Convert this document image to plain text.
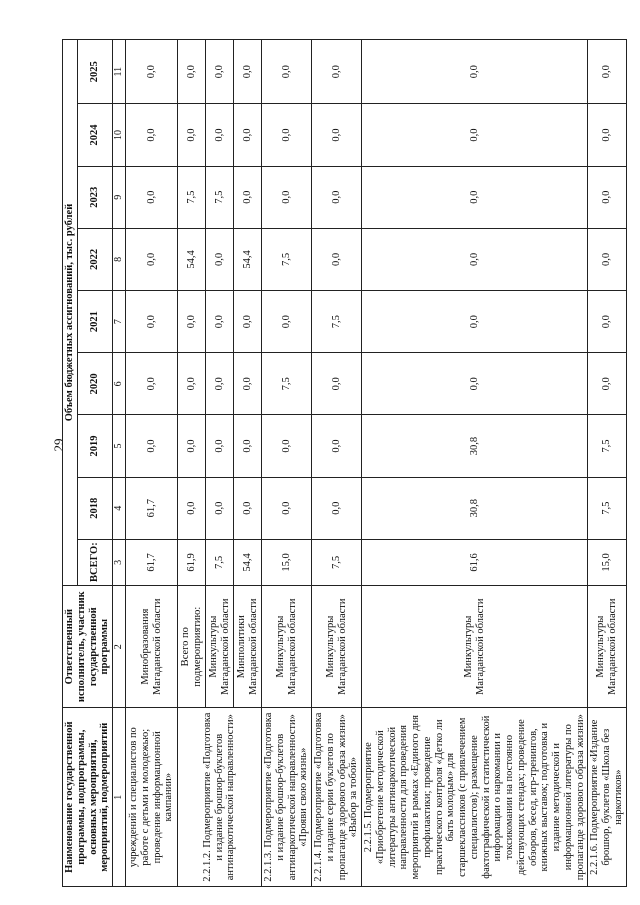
29
Наименование государственной программы, подпрограммы, основных мероприятий, мероприятий, подмероприятий	Ответственный исполнитель, участник государственной программы	Объем бюджетных ассигнований, тыс. рублей								
		ВСЕГО:	2018	2019	2020	2021	2022	2023	2024	2025
1	2	3	4	5	6	7	8	9	10	11
учреждений и специалистов по работе с детьми и молодежью; проведение информационной кампании»	Минобразования Магаданской области	61,7	61,7	0,0	0,0	0,0	0,0	0,0	0,0	0,0
2.2.1.2. Подмероприятие «Подготовка и издание брошюр-буклетов антинаркотической направленности»	Всего по подмероприятию:	61,9	0,0	0,0	0,0	0,0	54,4	7,5	0,0	0,0
	Минкультуры Магаданской области	7,5	0,0	0,0	0,0	0,0	0,0	7,5	0,0	0,0
	Минполитики Магаданской области	54,4	0,0	0,0	0,0	0,0	54,4	0,0	0,0	0,0
2.2.1.3. Подмероприятие «Подготовка и издание брошюр-буклетов антинаркотической направленности» «Прояви свою жизнь»	Минкультуры Магаданской области	15,0	0,0	0,0	7,5	0,0	7,5	0,0	0,0	0,0
2.2.1.4. Подмероприятие «Подготовка и издание серии буклетов по пропаганде здорового образа жизни» «Выбор за тобой»	Минкультуры Магаданской области	7,5	0,0	0,0	0,0	7,5	0,0	0,0	0,0	0,0
2.2.1.5. Подмероприятие «Приобретение методической литературы антинаркотической направленности для проведения мероприятий в рамках «Единого дня профилактики; проведение практического контроля «Детко ли быть молодым» для старшеклассников (с привлечением специалистов); размещение фактографической и статистической информации о наркомании и токсикомании на постоянно действующих стендах; проведение обзоров, бесед, игр-тренингов, книжных выставок; подготовка и издание методической и информационной литературы по пропаганде здорового образа жизни»	Минкультуры Магаданской области	61,6	30,8	30,8	0,0	0,0	0,0	0,0	0,0	0,0
2.2.1.6. Подмероприятие «Издание брошюр, буклетов «Школа без наркотиков»	Минкультуры Магаданской области	15,0	7,5	7,5	0,0	0,0	0,0	0,0	0,0	0,0
